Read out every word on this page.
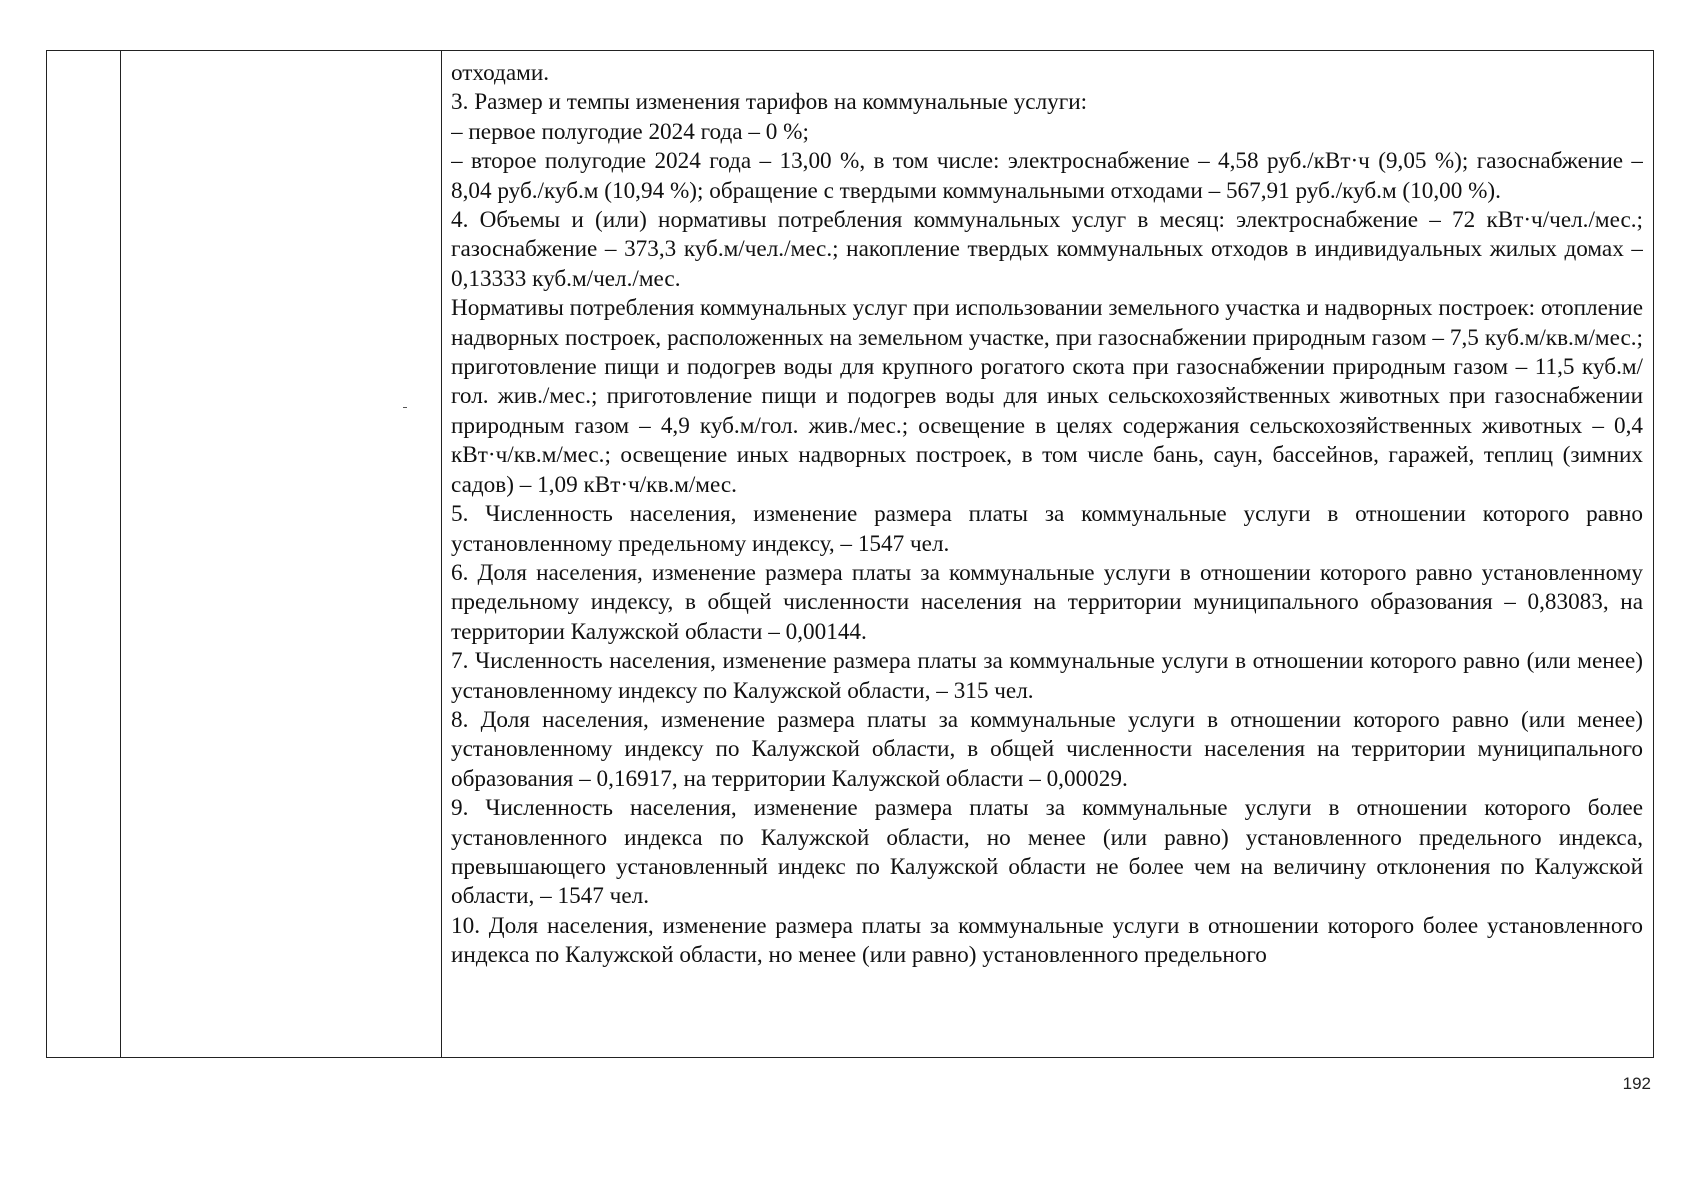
отходами.

3. Размер и темпы изменения тарифов на коммунальные услуги:

– первое полугодие 2024 года – 0 %;

– второе полугодие 2024 года – 13,00 %, в том числе: электроснабжение – 4,58 руб./кВт·ч (9,05 %); газоснабжение – 8,04 руб./куб.м (10,94 %); обращение с твердыми коммунальными отходами – 567,91 руб./куб.м (10,00 %).

4. Объемы и (или) нормативы потребления коммунальных услуг в месяц: электроснабжение – 72 кВт·ч/чел./мес.; газоснабжение – 373,3 куб.м/чел./мес.; накопление твердых коммунальных отходов в индивидуальных жилых домах – 0,13333 куб.м/чел./мес.

Нормативы потребления коммунальных услуг при использовании земельного участка и надворных построек: отопление надворных построек, расположенных на земельном участке, при газоснабжении природным газом – 7,5 куб.м/кв.м/мес.; приготовление пищи и подогрев воды для крупного рогатого скота при газоснабжении природным газом – 11,5 куб.м/гол. жив./мес.; приготовление пищи и подогрев воды для иных сельскохозяйственных животных при газоснабжении природным газом – 4,9 куб.м/гол. жив./мес.; освещение в целях содержания сельскохозяйственных животных – 0,4 кВт·ч/кв.м/мес.; освещение иных надворных построек, в том числе бань, саун, бассейнов, гаражей, теплиц (зимних садов) – 1,09 кВт·ч/кв.м/мес.

5. Численность населения, изменение размера платы за коммунальные услуги в отношении которого равно установленному предельному индексу, – 1547 чел.

6. Доля населения, изменение размера платы за коммунальные услуги в отношении которого равно установленному предельному индексу, в общей численности населения на территории муниципального образования – 0,83083, на территории Калужской области – 0,00144.

7. Численность населения, изменение размера платы за коммунальные услуги в отношении которого равно (или менее) установленному индексу по Калужской области, – 315 чел.

8. Доля населения, изменение размера платы за коммунальные услуги в отношении которого равно (или менее) установленному индексу по Калужской области, в общей численности населения на территории муниципального образования – 0,16917, на территории Калужской области – 0,00029.

9. Численность населения, изменение размера платы за коммунальные услуги в отношении которого более установленного индекса по Калужской области, но менее (или равно) установленного предельного индекса, превышающего установленный индекс по Калужской области не более чем на величину отклонения по Калужской области, – 1547 чел.

10. Доля населения, изменение размера платы за коммунальные услуги в отношении которого более установленного индекса по Калужской области, но менее (или равно) установленного предельного

192
